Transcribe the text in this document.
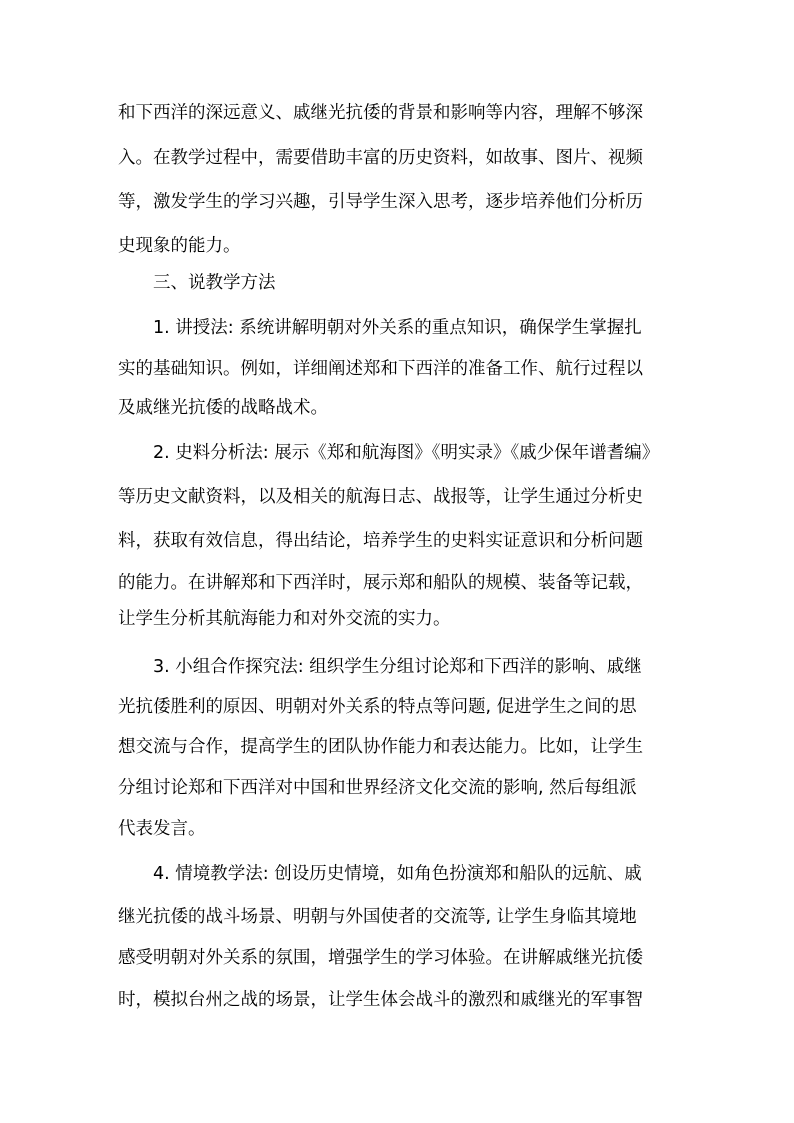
和下西洋的深远意义、戚继光抗倭的背景和影响等内容，理解不够深
入。在教学过程中，需要借助丰富的历史资料，如故事、图片、视频
等，激发学生的学习兴趣，引导学生深入思考，逐步培养他们分析历
史现象的能力。
三、说教学方法
1. 讲授法: 系统讲解明朝对外关系的重点知识，确保学生掌握扎
实的基础知识。例如，详细阐述郑和下西洋的准备工作、航行过程以
及戚继光抗倭的战略战术。
2. 史料分析法: 展示《郑和航海图》《明实录》《戚少保年谱耆编》
等历史文献资料，以及相关的航海日志、战报等，让学生通过分析史
料，获取有效信息，得出结论，培养学生的史料实证意识和分析问题
的能力。在讲解郑和下西洋时，展示郑和船队的规模、装备等记载，
让学生分析其航海能力和对外交流的实力。
3. 小组合作探究法: 组织学生分组讨论郑和下西洋的影响、戚继
光抗倭胜利的原因、明朝对外关系的特点等问题, 促进学生之间的思
想交流与合作，提高学生的团队协作能力和表达能力。比如，让学生
分组讨论郑和下西洋对中国和世界经济文化交流的影响, 然后每组派
代表发言。
4. 情境教学法: 创设历史情境，如角色扮演郑和船队的远航、戚
继光抗倭的战斗场景、明朝与外国使者的交流等, 让学生身临其境地
感受明朝对外关系的氛围，增强学生的学习体验。在讲解戚继光抗倭
时，模拟台州之战的场景，让学生体会战斗的激烈和戚继光的军事智
